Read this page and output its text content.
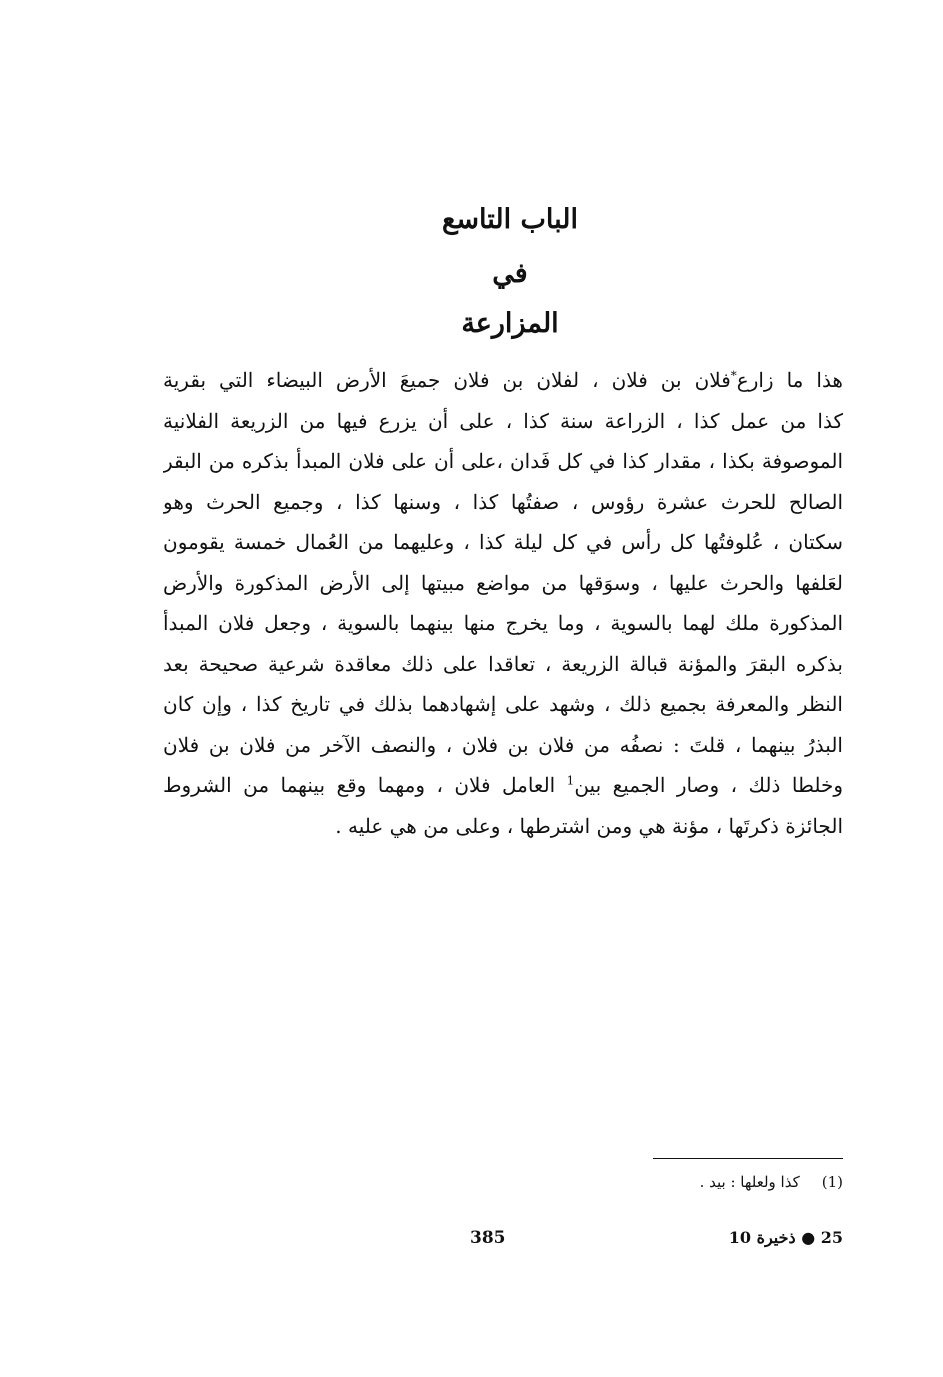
الباب التاسع
في
المزارعة
هذا ما زارع*فلان بن فلان ، لفلان بن فلان جميعَ الأرض البيضاء التي بقرية
كذا من عمل كذا ، الزراعة سنة كذا ، على أن يزرع فيها من الزريعة الفلانية
الموصوفة بكذا ، مقدار كذا في كل فَدان ،على أن على فلان المبدأ بذكره من البقر
الصالح للحرث عشرة رؤوس ، صفتُها كذا ، وسنها كذا ، وجميع الحرث وهو
سكتان ، عُلوفتُها كل رأس في كل ليلة كذا ، وعليهما من العُمال خمسة يقومون
لعَلفها والحرث عليها ، وسوَقها من مواضع مبيتها إلى الأرض المذكورة والأرض
المذكورة ملك لهما بالسوية ، وما يخرج منها بينهما بالسوية ، وجعل فلان المبدأ
بذكره البقرَ والمؤنة قبالة الزريعة ، تعاقدا على ذلك معاقدة شرعية صحيحة بعد
النظر والمعرفة بجميع ذلك ، وشهد على إشهادهما بذلك في تاريخ كذا ، وإن كان
البذرُ بينهما ، قلتَ : نصفُه من فلان بن فلان ، والنصف الآخر من فلان بن فلان
وخلطا ذلك ، وصار الجميع بين$^1$ العامل فلان ، ومهما وقع بينهما من الشروط
الجائزة ذكرتَها ، مؤنة هي ومن اشترطها ، وعلى من هي عليه .
(1)كذا ولعلها : بيد .
385	25 ● ذخيرة 10
